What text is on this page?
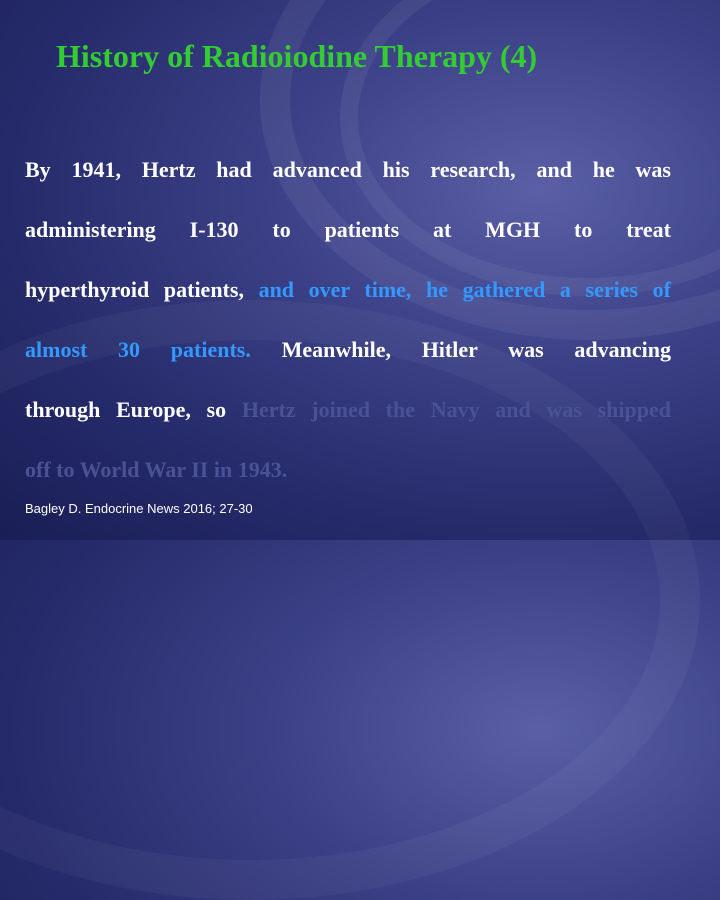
History of Radioiodine Therapy (4)
By 1941, Hertz had advanced his research, and he was
administering I-130 to patients at MGH to treat
hyperthyroid patients, and over time, he gathered a series of
almost 30 patients. Meanwhile, Hitler was advancing
through Europe, so Hertz joined the Navy and was shipped
off to World War II in 1943.
Bagley D. Endocrine News 2016; 27-30
